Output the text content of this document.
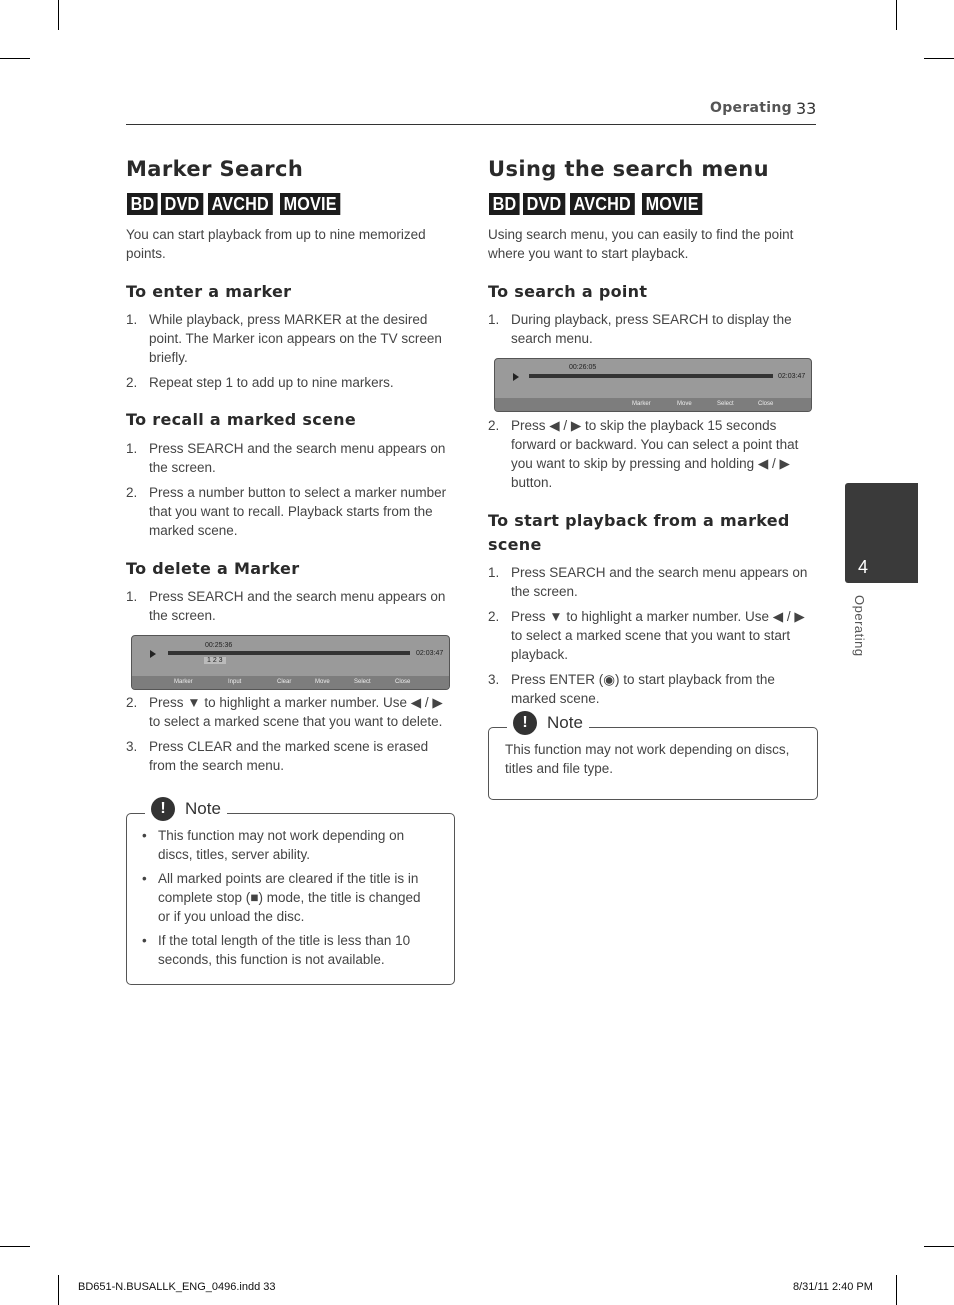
Operating 33
Marker Search
BD DVD AVCHD MOVIE
You can start playback from up to nine memorized points.
To enter a marker
1. While playback, press MARKER at the desired point. The Marker icon appears on the TV screen briefly.
2. Repeat step 1 to add up to nine markers.
To recall a marked scene
1. Press SEARCH and the search menu appears on the screen.
2. Press a number button to select a marker number that you want to recall. Playback starts from the marked scene.
To delete a Marker
1. Press SEARCH and the search menu appears on the screen.
00:25:36
1 2 3
02:03:47
Marker	Input	Clear	Move	Select	Close
2. Press ▼ to highlight a marker number. Use ◀ / ▶ to select a marked scene that you want to delete.
3. Press CLEAR and the marked scene is erased from the search menu.
!	Note
• This function may not work depending on discs, titles, server ability.
• All marked points are cleared if the title is in complete stop (■) mode, the title is changed or if you unload the disc.
• If the total length of the title is less than 10 seconds, this function is not available.
Using the search menu
BD DVD AVCHD MOVIE
Using search menu, you can easily to find the point where you want to start playback.
To search a point
1. During playback, press SEARCH to display the search menu.
00:26:05
02:03:47
Marker	Move	Select	Close
2. Press ◀ / ▶ to skip the playback 15 seconds forward or backward. You can select a point that you want to skip by pressing and holding ◀ / ▶ button.
To start playback from a marked scene
1. Press SEARCH and the search menu appears on the screen.
2. Press ▼ to highlight a marker number. Use ◀ / ▶ to select a marked scene that you want to start playback.
3. Press ENTER (◉) to start playback from the marked scene.
!	Note
This function may not work depending on discs, titles and file type.
4
Operating
BD651-N.BUSALLK_ENG_0496.indd 33	8/31/11 2:40 PM
